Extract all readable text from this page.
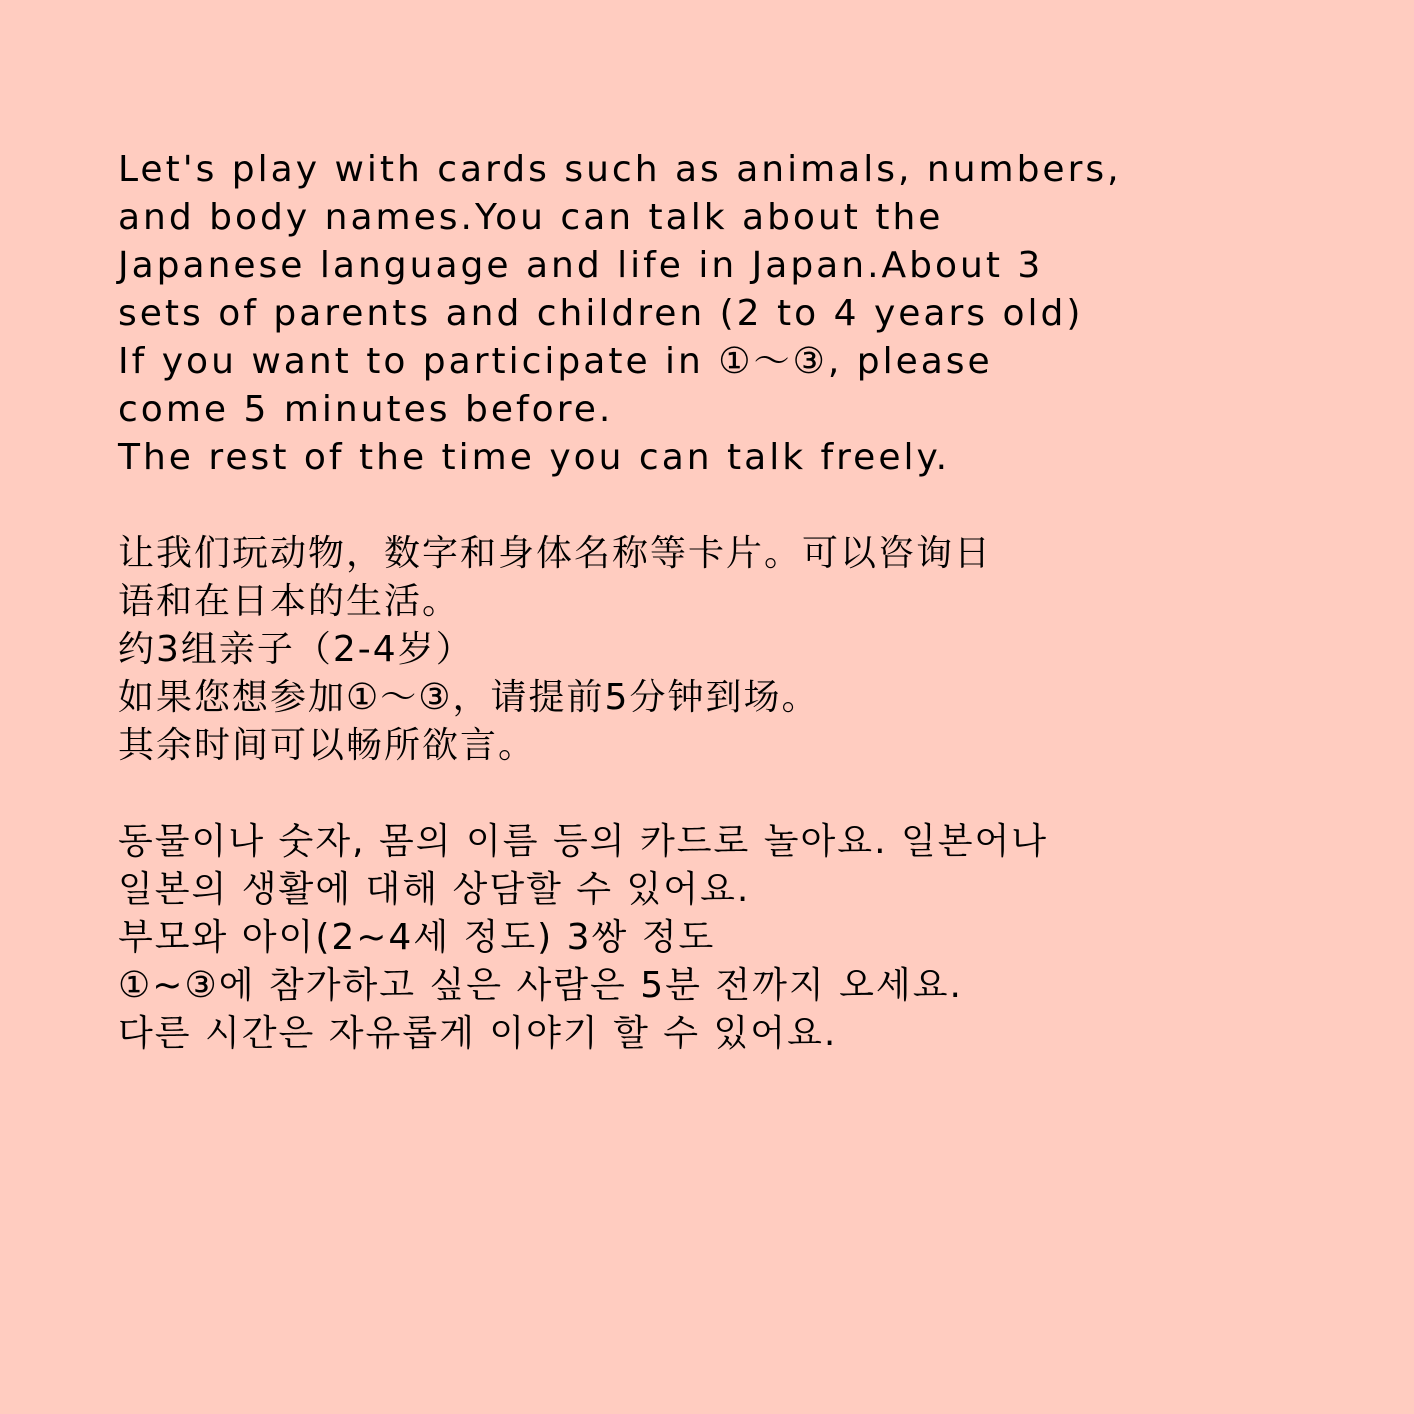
Let's play with cards such as animals, numbers,
and body names.You can talk about the
Japanese language and life in Japan.About 3
sets of parents and children (2 to 4 years old)
If you want to participate in ①～③, please
come 5 minutes before.
The rest of the time you can talk freely.
让我们玩动物，数字和身体名称等卡片。可以咨询日
语和在日本的生活。
约3组亲子（2-4岁）
如果您想参加①～③，请提前5分钟到场。
其余时间可以畅所欲言。
동물이나 숫자, 몸의 이름 등의 카드로 놀아요. 일본어나
일본의 생활에 대해 상담할 수 있어요.
부모와 아이(2~4세 정도) 3쌍 정도
①~③에 참가하고 싶은 사람은 5분 전까지 오세요.
다른 시간은 자유롭게 이야기 할 수 있어요.
